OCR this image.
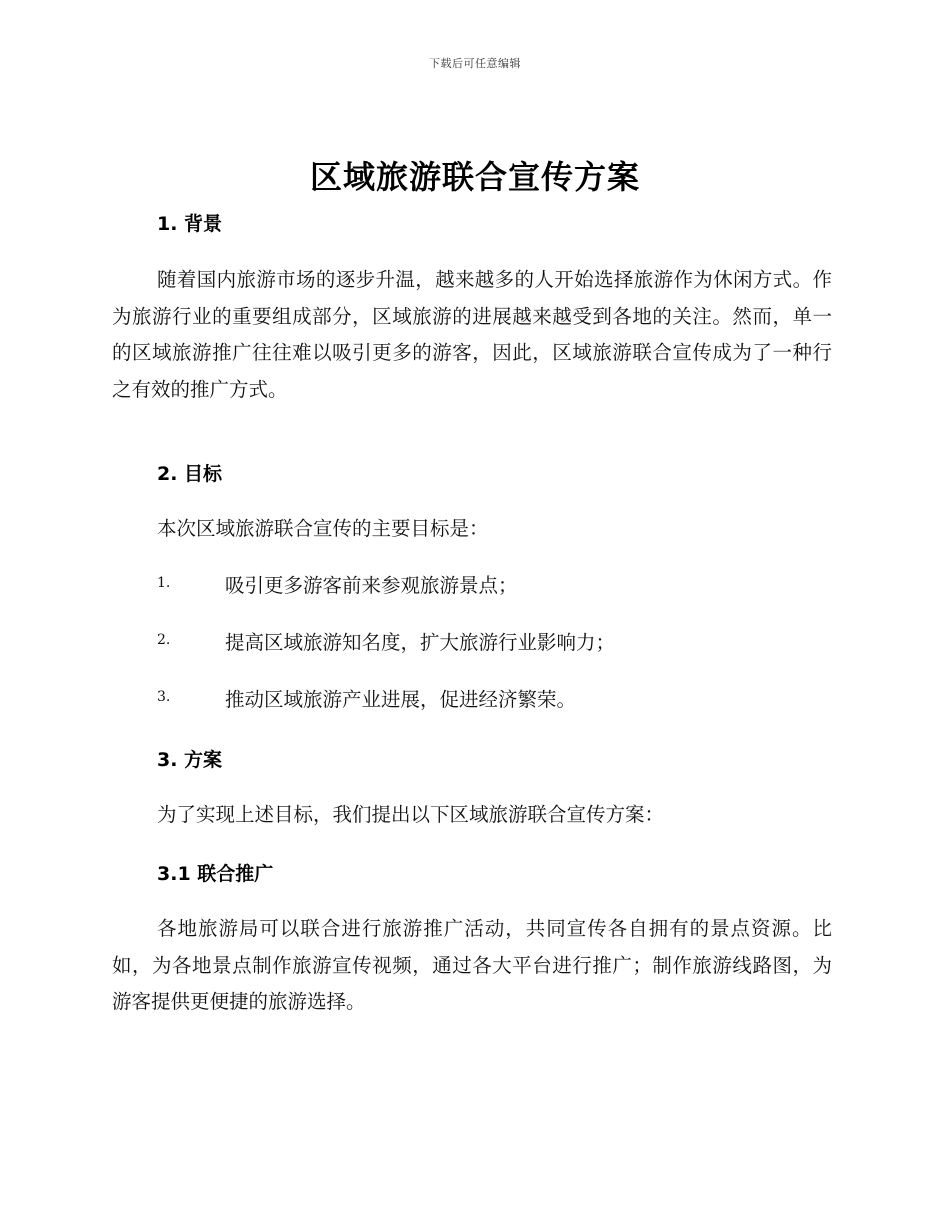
下载后可任意编辑
区域旅游联合宣传方案
1. 背景
随着国内旅游市场的逐步升温，越来越多的人开始选择旅游作为休闲方式。作为旅游行业的重要组成部分，区域旅游的进展越来越受到各地的关注。然而，单一的区域旅游推广往往难以吸引更多的游客，因此，区域旅游联合宣传成为了一种行之有效的推广方式。
2. 目标
本次区域旅游联合宣传的主要目标是：
1.	吸引更多游客前来参观旅游景点；
2.	提高区域旅游知名度，扩大旅游行业影响力；
3.	推动区域旅游产业进展，促进经济繁荣。
3. 方案
为了实现上述目标，我们提出以下区域旅游联合宣传方案：
3.1 联合推广
各地旅游局可以联合进行旅游推广活动，共同宣传各自拥有的景点资源。比如，为各地景点制作旅游宣传视频，通过各大平台进行推广；制作旅游线路图，为游客提供更便捷的旅游选择。
